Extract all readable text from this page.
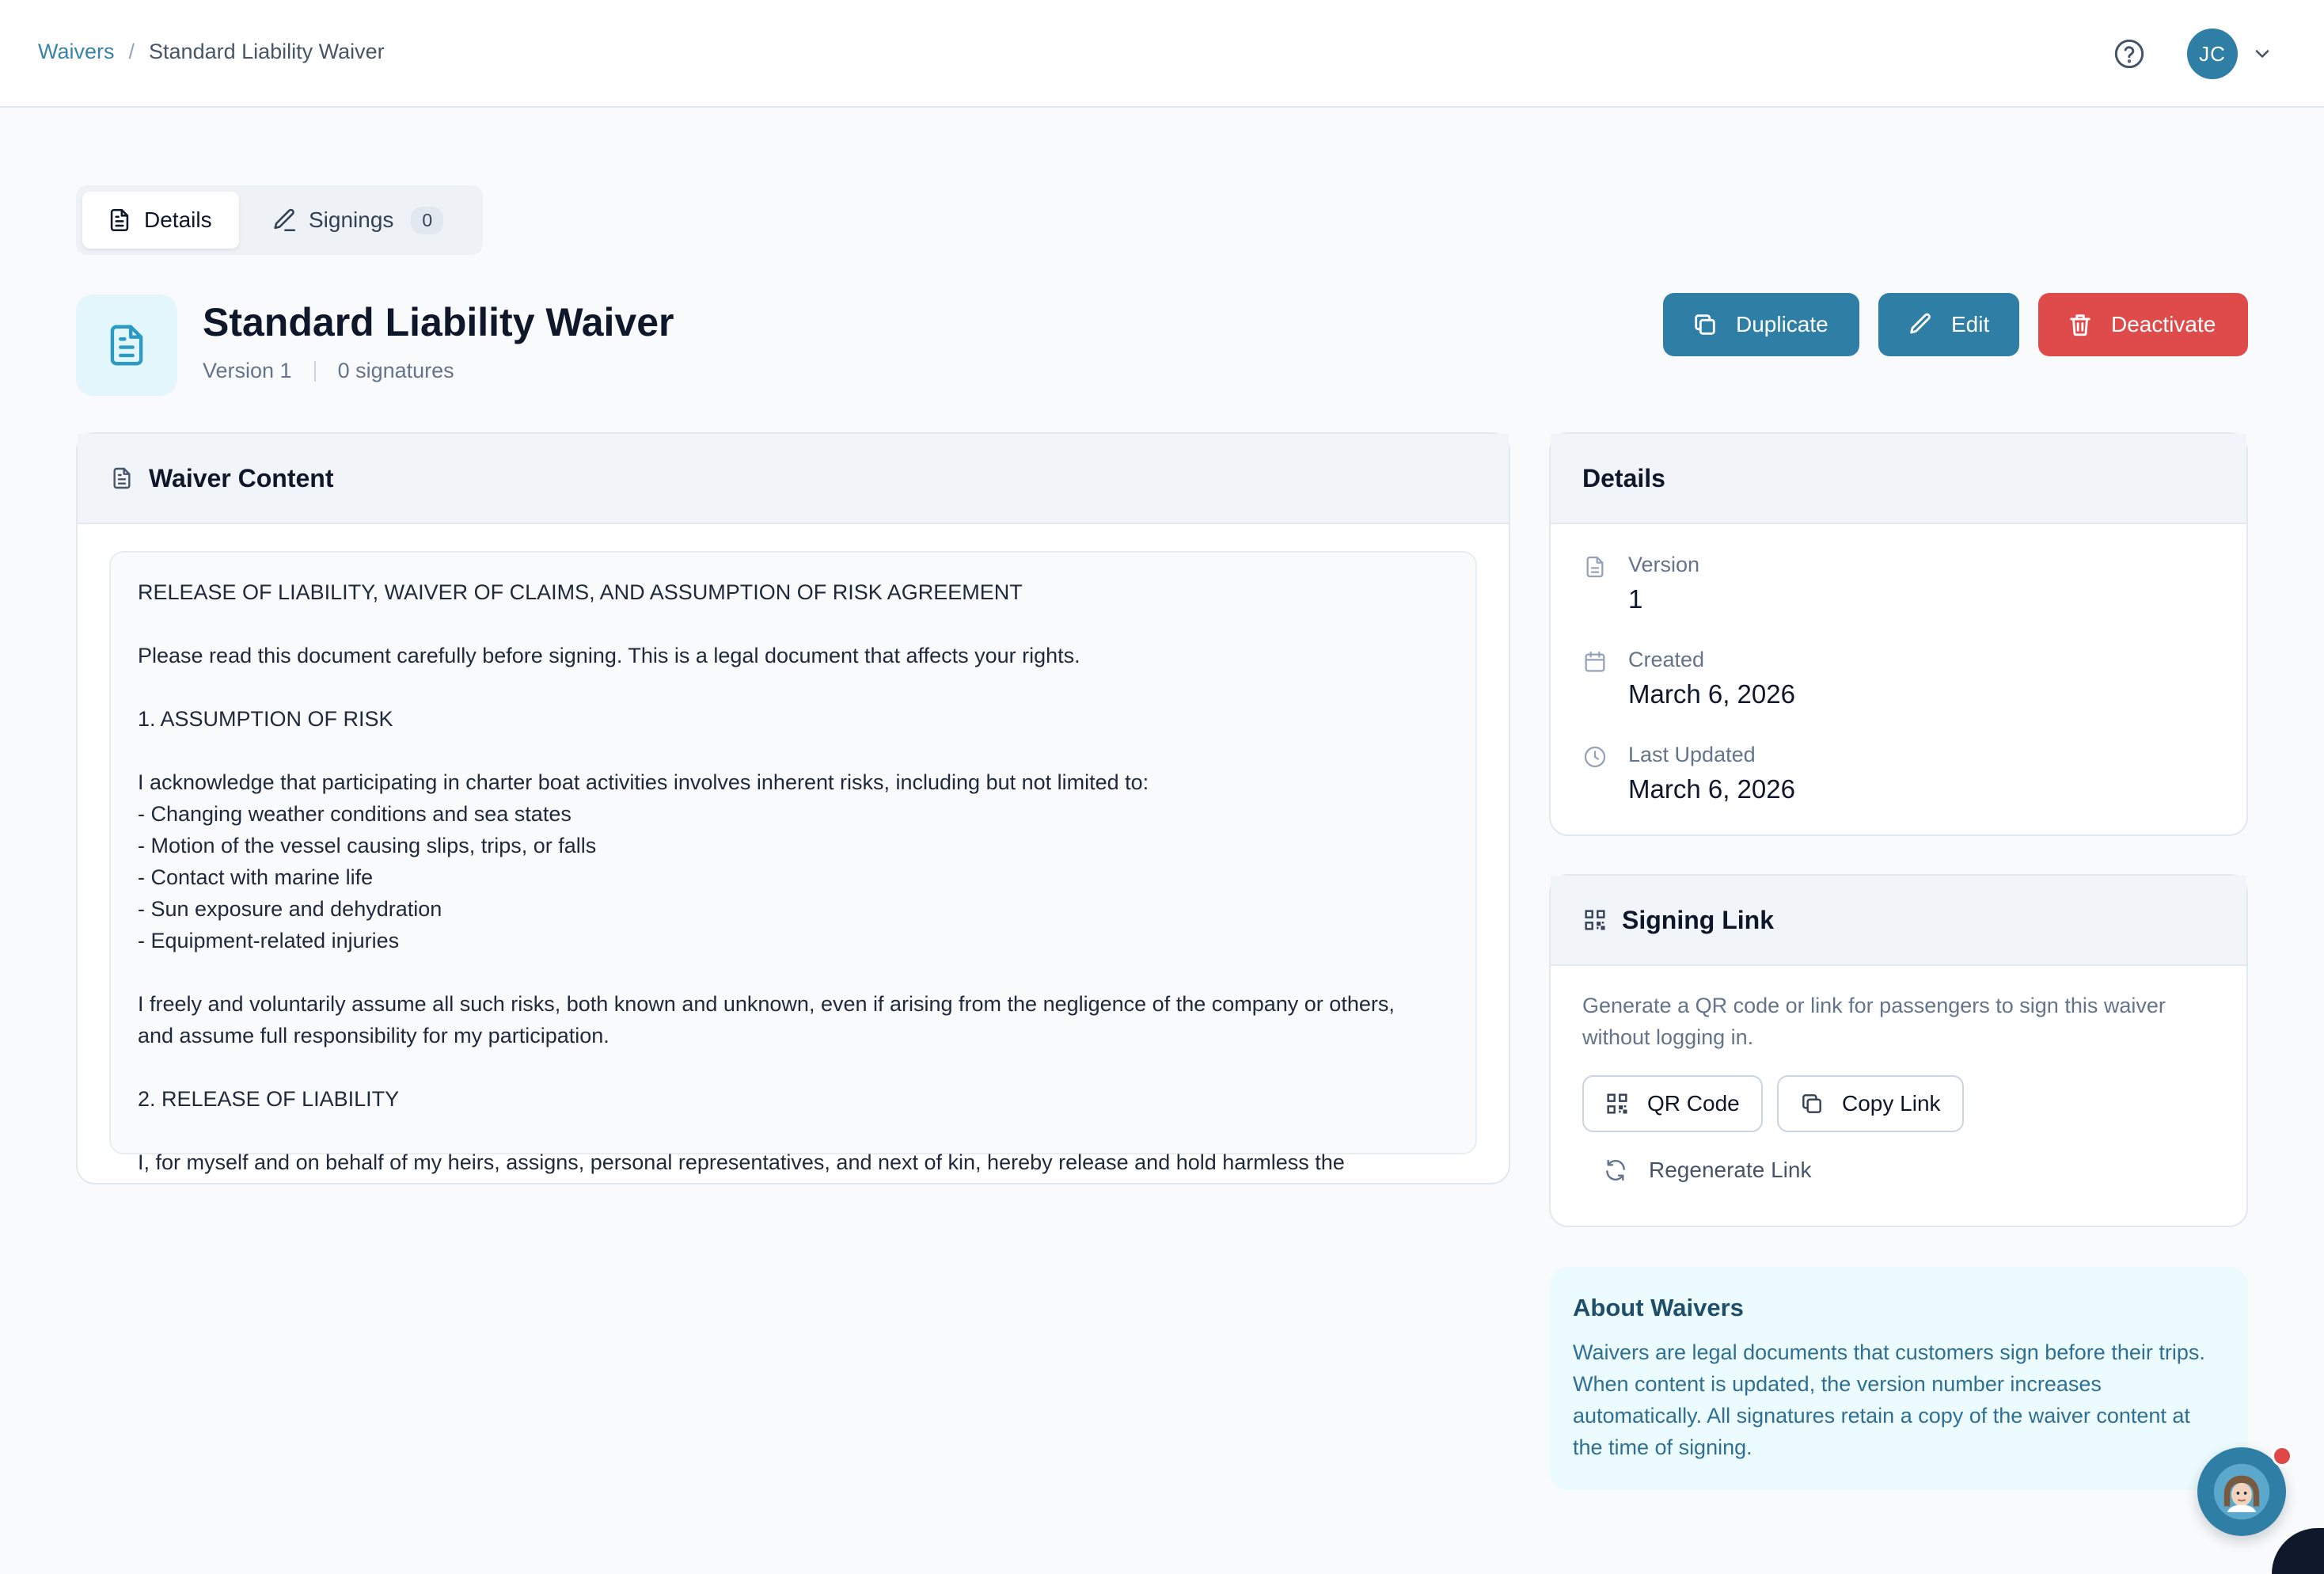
Waivers / Standard Liability Waiver	JC
Details	Signings	0
Standard Liability Waiver
Version 1 0 signatures
Duplicate	Edit	Deactivate
Waiver Content
RELEASE OF LIABILITY, WAIVER OF CLAIMS, AND ASSUMPTION OF RISK AGREEMENT

Please read this document carefully before signing. This is a legal document that affects your rights.

1. ASSUMPTION OF RISK

I acknowledge that participating in charter boat activities involves inherent risks, including but not limited to:
- Changing weather conditions and sea states
- Motion of the vessel causing slips, trips, or falls
- Contact with marine life
- Sun exposure and dehydration
- Equipment-related injuries

I freely and voluntarily assume all such risks, both known and unknown, even if arising from the negligence of the company or others,
and assume full responsibility for my participation.

2. RELEASE OF LIABILITY

I, for myself and on behalf of my heirs, assigns, personal representatives, and next of kin, hereby release and hold harmless the
Details
Version
1
Created
March 6, 2026
Last Updated
March 6, 2026
Signing Link
Generate a QR code or link for passengers to sign this waiver without logging in.
QR Code	Copy Link
Regenerate Link
About Waivers
Waivers are legal documents that customers sign before their trips. When content is updated, the version number increases automatically. All signatures retain a copy of the waiver content at the time of signing.
